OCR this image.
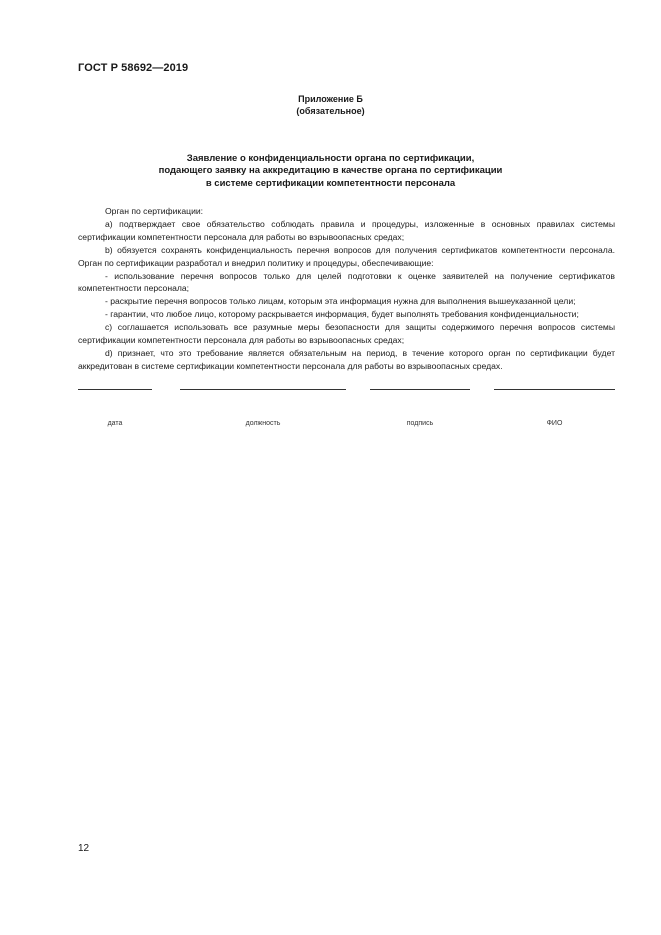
ГОСТ Р 58692—2019
Приложение Б
(обязательное)
Заявление о конфиденциальности органа по сертификации,
подающего заявку на аккредитацию в качестве органа по сертификации
в системе сертификации компетентности персонала

Орган по сертификации:

а) подтверждает свое обязательство соблюдать правила и процедуры, изложенные в основных правилах системы сертификации компетентности персонала для работы во взрывоопасных средах;

b) обязуется сохранять конфиденциальность перечня вопросов для получения сертификатов компетентности персонала. Орган по сертификации разработал и внедрил политику и процедуры, обеспечивающие:

- использование перечня вопросов только для целей подготовки к оценке заявителей на получение сертификатов компетентности персонала;

- раскрытие перечня вопросов только лицам, которым эта информация нужна для выполнения вышеуказанной цели;

- гарантии, что любое лицо, которому раскрывается информация, будет выполнять требования конфиденциальности;

с) соглашается использовать все разумные меры безопасности для защиты содержимого перечня вопросов системы сертификации компетентности персонала для работы во взрывоопасных средах;

d) признает, что это требование является обязательным на период, в течение которого орган по сертификации будет аккредитован в системе сертификации компетентности персонала для работы во взрывоопасных средах.

дата	должность	подпись	ФИО
12
